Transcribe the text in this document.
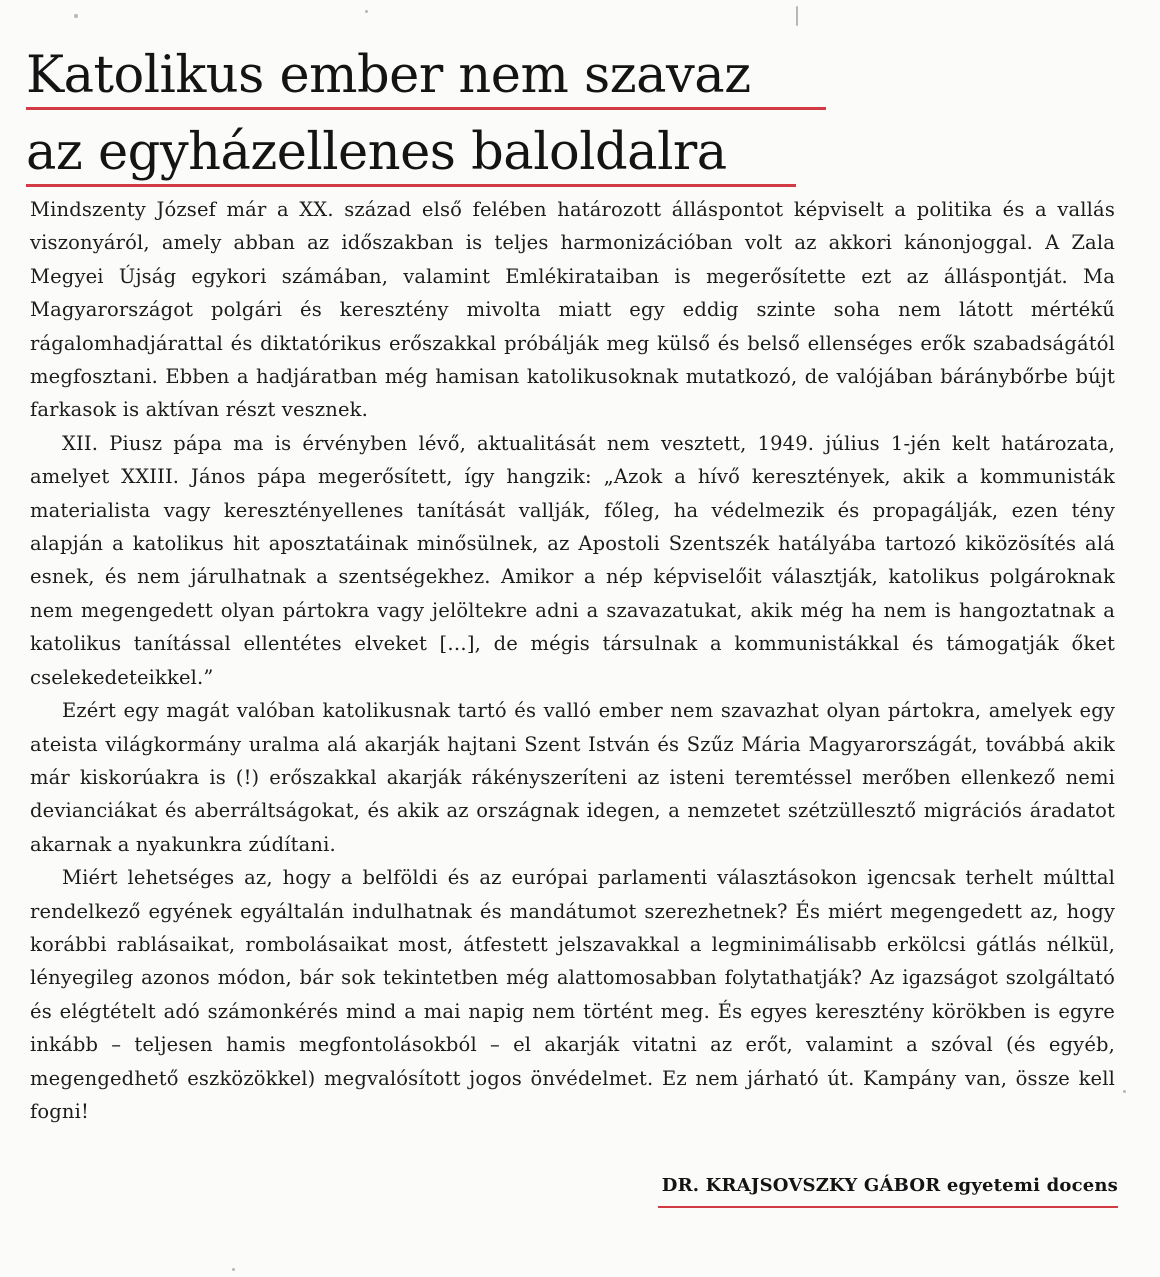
Katolikus ember nem szavaz
az egyházellenes baloldalra

Mindszenty József már a XX. század első felében határozott álláspontot képviselt a politika és a vallás viszonyáról, amely abban az időszakban is teljes harmonizációban volt az akkori kánonjoggal. A Zala Megyei Újság egykori számában, valamint Emlékirataiban is megerősítette ezt az álláspontját. Ma Magyarországot polgári és keresztény mivolta miatt egy eddig szinte soha nem látott mértékű rágalomhadjárattal és diktatórikus erőszakkal próbálják meg külső és belső ellenséges erők szabadságától megfosztani. Ebben a hadjáratban még hamisan katolikusoknak mutatkozó, de valójában báránybőrbe bújt farkasok is aktívan részt vesznek.

XII. Piusz pápa ma is érvényben lévő, aktualitását nem vesztett, 1949. július 1-jén kelt határozata, amelyet XXIII. János pápa megerősített, így hangzik: „Azok a hívő keresztények, akik a kommunisták materialista vagy keresztényellenes tanítását vallják, főleg, ha védelmezik és propagálják, ezen tény alapján a katolikus hit aposztatáinak minősülnek, az Apostoli Szentszék hatályába tartozó kiközösítés alá esnek, és nem járulhatnak a szentségekhez. Amikor a nép képviselőit választják, katolikus polgároknak nem megengedett olyan pártokra vagy jelöltekre adni a szavazatukat, akik még ha nem is hangoztatnak a katolikus tanítással ellentétes elveket […], de mégis társulnak a kommunistákkal és támogatják őket cselekedeteikkel.”

Ezért egy magát valóban katolikusnak tartó és valló ember nem szavazhat olyan pártokra, amelyek egy ateista világkormány uralma alá akarják hajtani Szent István és Szűz Mária Magyarországát, továbbá akik már kiskorúakra is (!) erőszakkal akarják rákényszeríteni az isteni teremtéssel merőben ellenkező nemi devianciákat és aberráltságokat, és akik az országnak idegen, a nemzetet szétzüllesztő migrációs áradatot akarnak a nyakunkra zúdítani.

Miért lehetséges az, hogy a belföldi és az európai parlamenti választásokon igencsak terhelt múlttal rendelkező egyének egyáltalán indulhatnak és mandátumot szerezhetnek? És miért megengedett az, hogy korábbi rablásaikat, rombolásaikat most, átfestett jelszavakkal a legminimálisabb erkölcsi gátlás nélkül, lényegileg azonos módon, bár sok tekintetben még alattomosabban folytathatják? Az igazságot szolgáltató és elégtételt adó számonkérés mind a mai napig nem történt meg. És egyes keresztény körökben is egyre inkább – teljesen hamis megfontolásokból – el akarják vitatni az erőt, valamint a szóval (és egyéb, megengedhető eszközökkel) megvalósított jogos önvédelmet. Ez nem járható út. Kampány van, össze kell fogni!

DR. KRAJSOVSZKY GÁBOR egyetemi docens
